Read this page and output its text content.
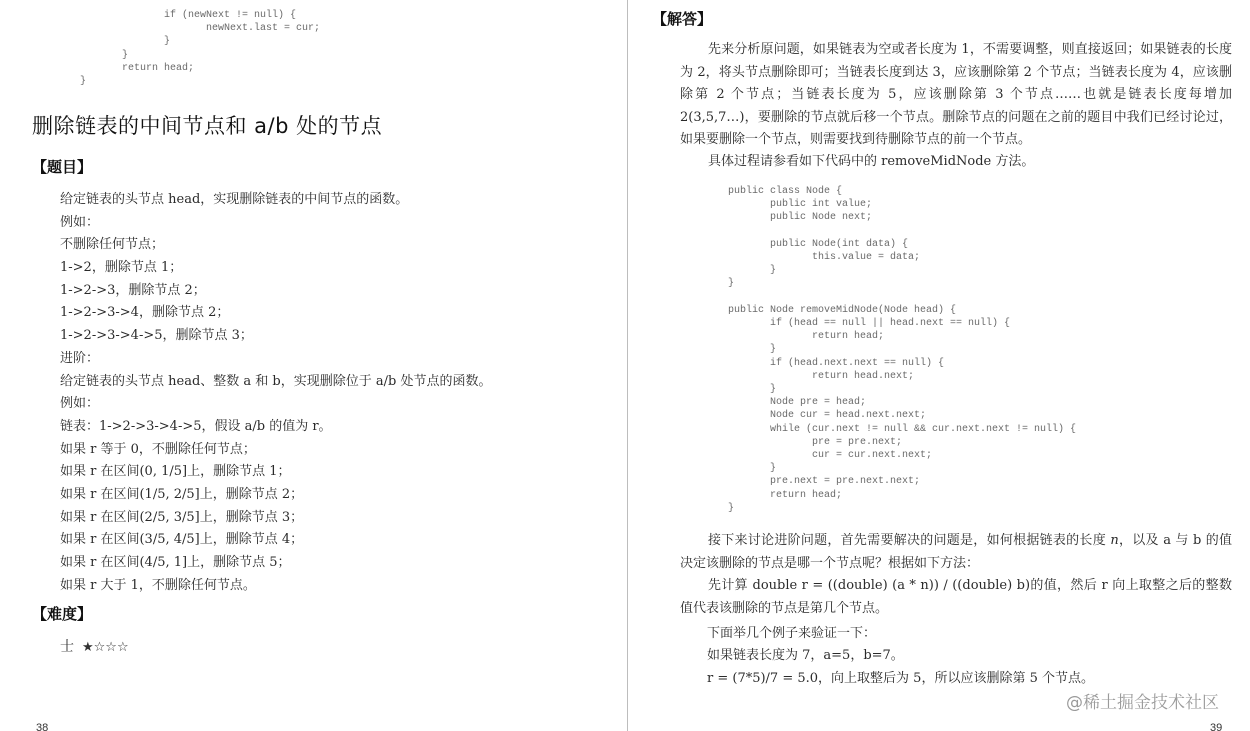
if (newNext != null) {
newNext.last = cur;
}
}
return head;
}
删除链表的中间节点和 a/b 处的节点
【题目】
给定链表的头节点 head，实现删除链表的中间节点的函数。
例如：
不删除任何节点；
1->2，删除节点 1；
1->2->3，删除节点 2；
1->2->3->4，删除节点 2；
1->2->3->4->5，删除节点 3；
进阶：
给定链表的头节点 head、整数 a 和 b，实现删除位于 a/b 处节点的函数。
例如：
链表：1->2->3->4->5，假设 a/b 的值为 r。
如果 r 等于 0，不删除任何节点；
如果 r 在区间(0, 1/5]上，删除节点 1；
如果 r 在区间(1/5, 2/5]上，删除节点 2；
如果 r 在区间(2/5, 3/5]上，删除节点 3；
如果 r 在区间(3/5, 4/5]上，删除节点 4；
如果 r 在区间(4/5, 1]上，删除节点 5；
如果 r 大于 1，不删除任何节点。
【难度】
士 ★☆☆☆
38
【解答】

先来分析原问题，如果链表为空或者长度为 1，不需要调整，则直接返回；如果链表的长度为 2，将头节点删除即可；当链表长度到达 3，应该删除第 2 个节点；当链表长度为 4，应该删除第 2 个节点；当链表长度为 5，应该删除第 3 个节点……也就是链表长度每增加 2(3,5,7…)，要删除的节点就后移一个节点。删除节点的问题在之前的题目中我们已经讨论过，如果要删除一个节点，则需要找到待删除节点的前一个节点。

具体过程请参看如下代码中的 removeMidNode 方法。

public class Node {
public int value;
public Node next;

public Node(int data) {
this.value = data;
}
}

public Node removeMidNode(Node head) {
if (head == null || head.next == null) {
return head;
}
if (head.next.next == null) {
return head.next;
}
Node pre = head;
Node cur = head.next.next;
while (cur.next != null && cur.next.next != null) {
pre = pre.next;
cur = cur.next.next;
}
pre.next = pre.next.next;
return head;
}

接下来讨论进阶问题，首先需要解决的问题是，如何根据链表的长度 n，以及 a 与 b 的值决定该删除的节点是哪一个节点呢？根据如下方法：

先计算 double r = ((double) (a * n)) / ((double) b)的值，然后 r 向上取整之后的整数值代表该删除的节点是第几个节点。

下面举几个例子来验证一下：
如果链表长度为 7，a=5，b=7。
r = (7*5)/7 = 5.0，向上取整后为 5，所以应该删除第 5 个节点。
@稀土掘金技术社区
39
